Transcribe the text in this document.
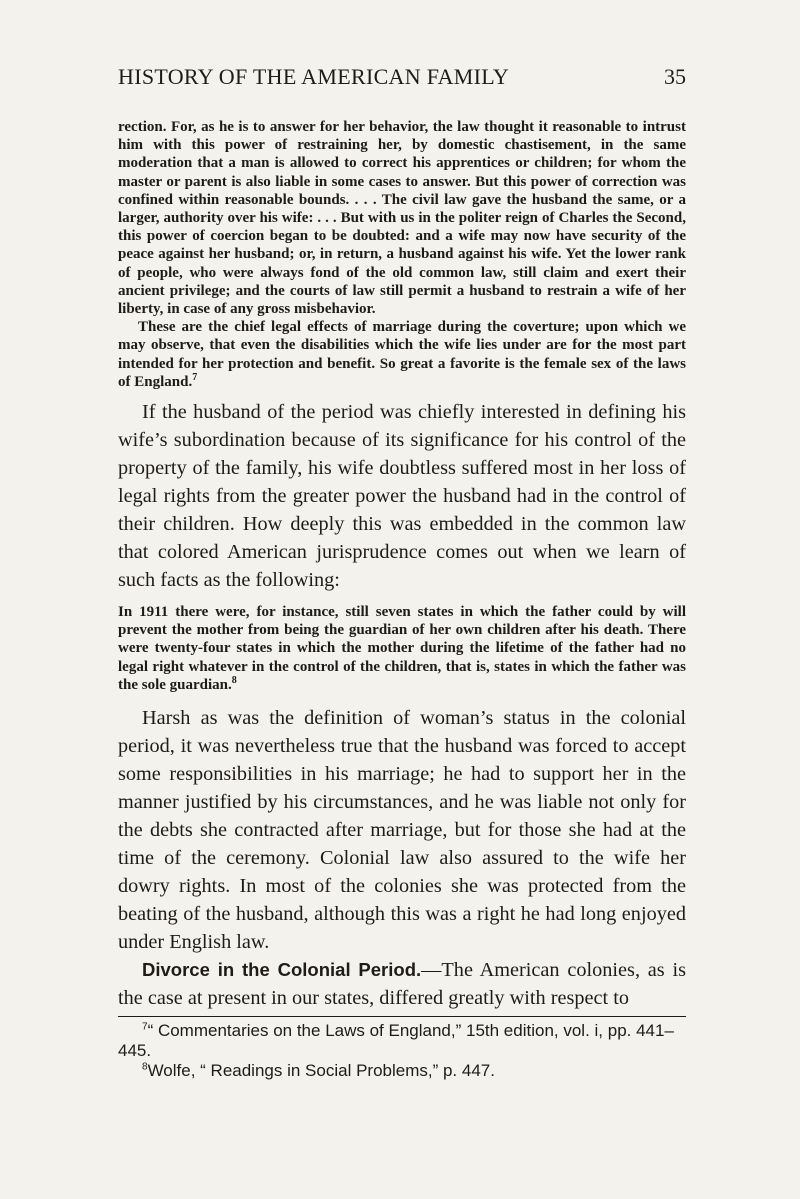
HISTORY OF THE AMERICAN FAMILY	35

rection. For, as he is to answer for her behavior, the law thought it reasonable to intrust him with this power of restraining her, by domestic chastisement, in the same moderation that a man is allowed to correct his apprentices or children; for whom the master or parent is also liable in some cases to answer. But this power of correction was confined within reasonable bounds. . . . The civil law gave the husband the same, or a larger, authority over his wife: . . . But with us in the politer reign of Charles the Second, this power of coercion began to be doubted: and a wife may now have security of the peace against her husband; or, in return, a husband against his wife. Yet the lower rank of people, who were always fond of the old common law, still claim and exert their ancient privilege; and the courts of law still permit a husband to restrain a wife of her liberty, in case of any gross misbehavior.

These are the chief legal effects of marriage during the coverture; upon which we may observe, that even the disabilities which the wife lies under are for the most part intended for her protection and benefit. So great a favorite is the female sex of the laws of England.$^7$

If the husband of the period was chiefly interested in defining his wife’s subordination because of its significance for his control of the property of the family, his wife doubtless suffered most in her loss of legal rights from the greater power the husband had in the control of their children. How deeply this was embedded in the common law that colored American jurisprudence comes out when we learn of such facts as the following:

In 1911 there were, for instance, still seven states in which the father could by will prevent the mother from being the guardian of her own children after his death. There were twenty-four states in which the mother during the lifetime of the father had no legal right whatever in the control of the children, that is, states in which the father was the sole guardian.$^8$

Harsh as was the definition of woman’s status in the colonial period, it was nevertheless true that the husband was forced to accept some responsibilities in his marriage; he had to support her in the manner justified by his circumstances, and he was liable not only for the debts she contracted after marriage, but for those she had at the time of the ceremony. Colonial law also assured to the wife her dowry rights. In most of the colonies she was protected from the beating of the husband, although this was a right he had long enjoyed under English law.

Divorce in the Colonial Period.—The American colonies, as is the case at present in our states, differed greatly with respect to

$^7$“ Commentaries on the Laws of England,” 15th edition, vol. i, pp. 441–445.

$^8$Wolfe, “ Readings in Social Problems,” p. 447.
